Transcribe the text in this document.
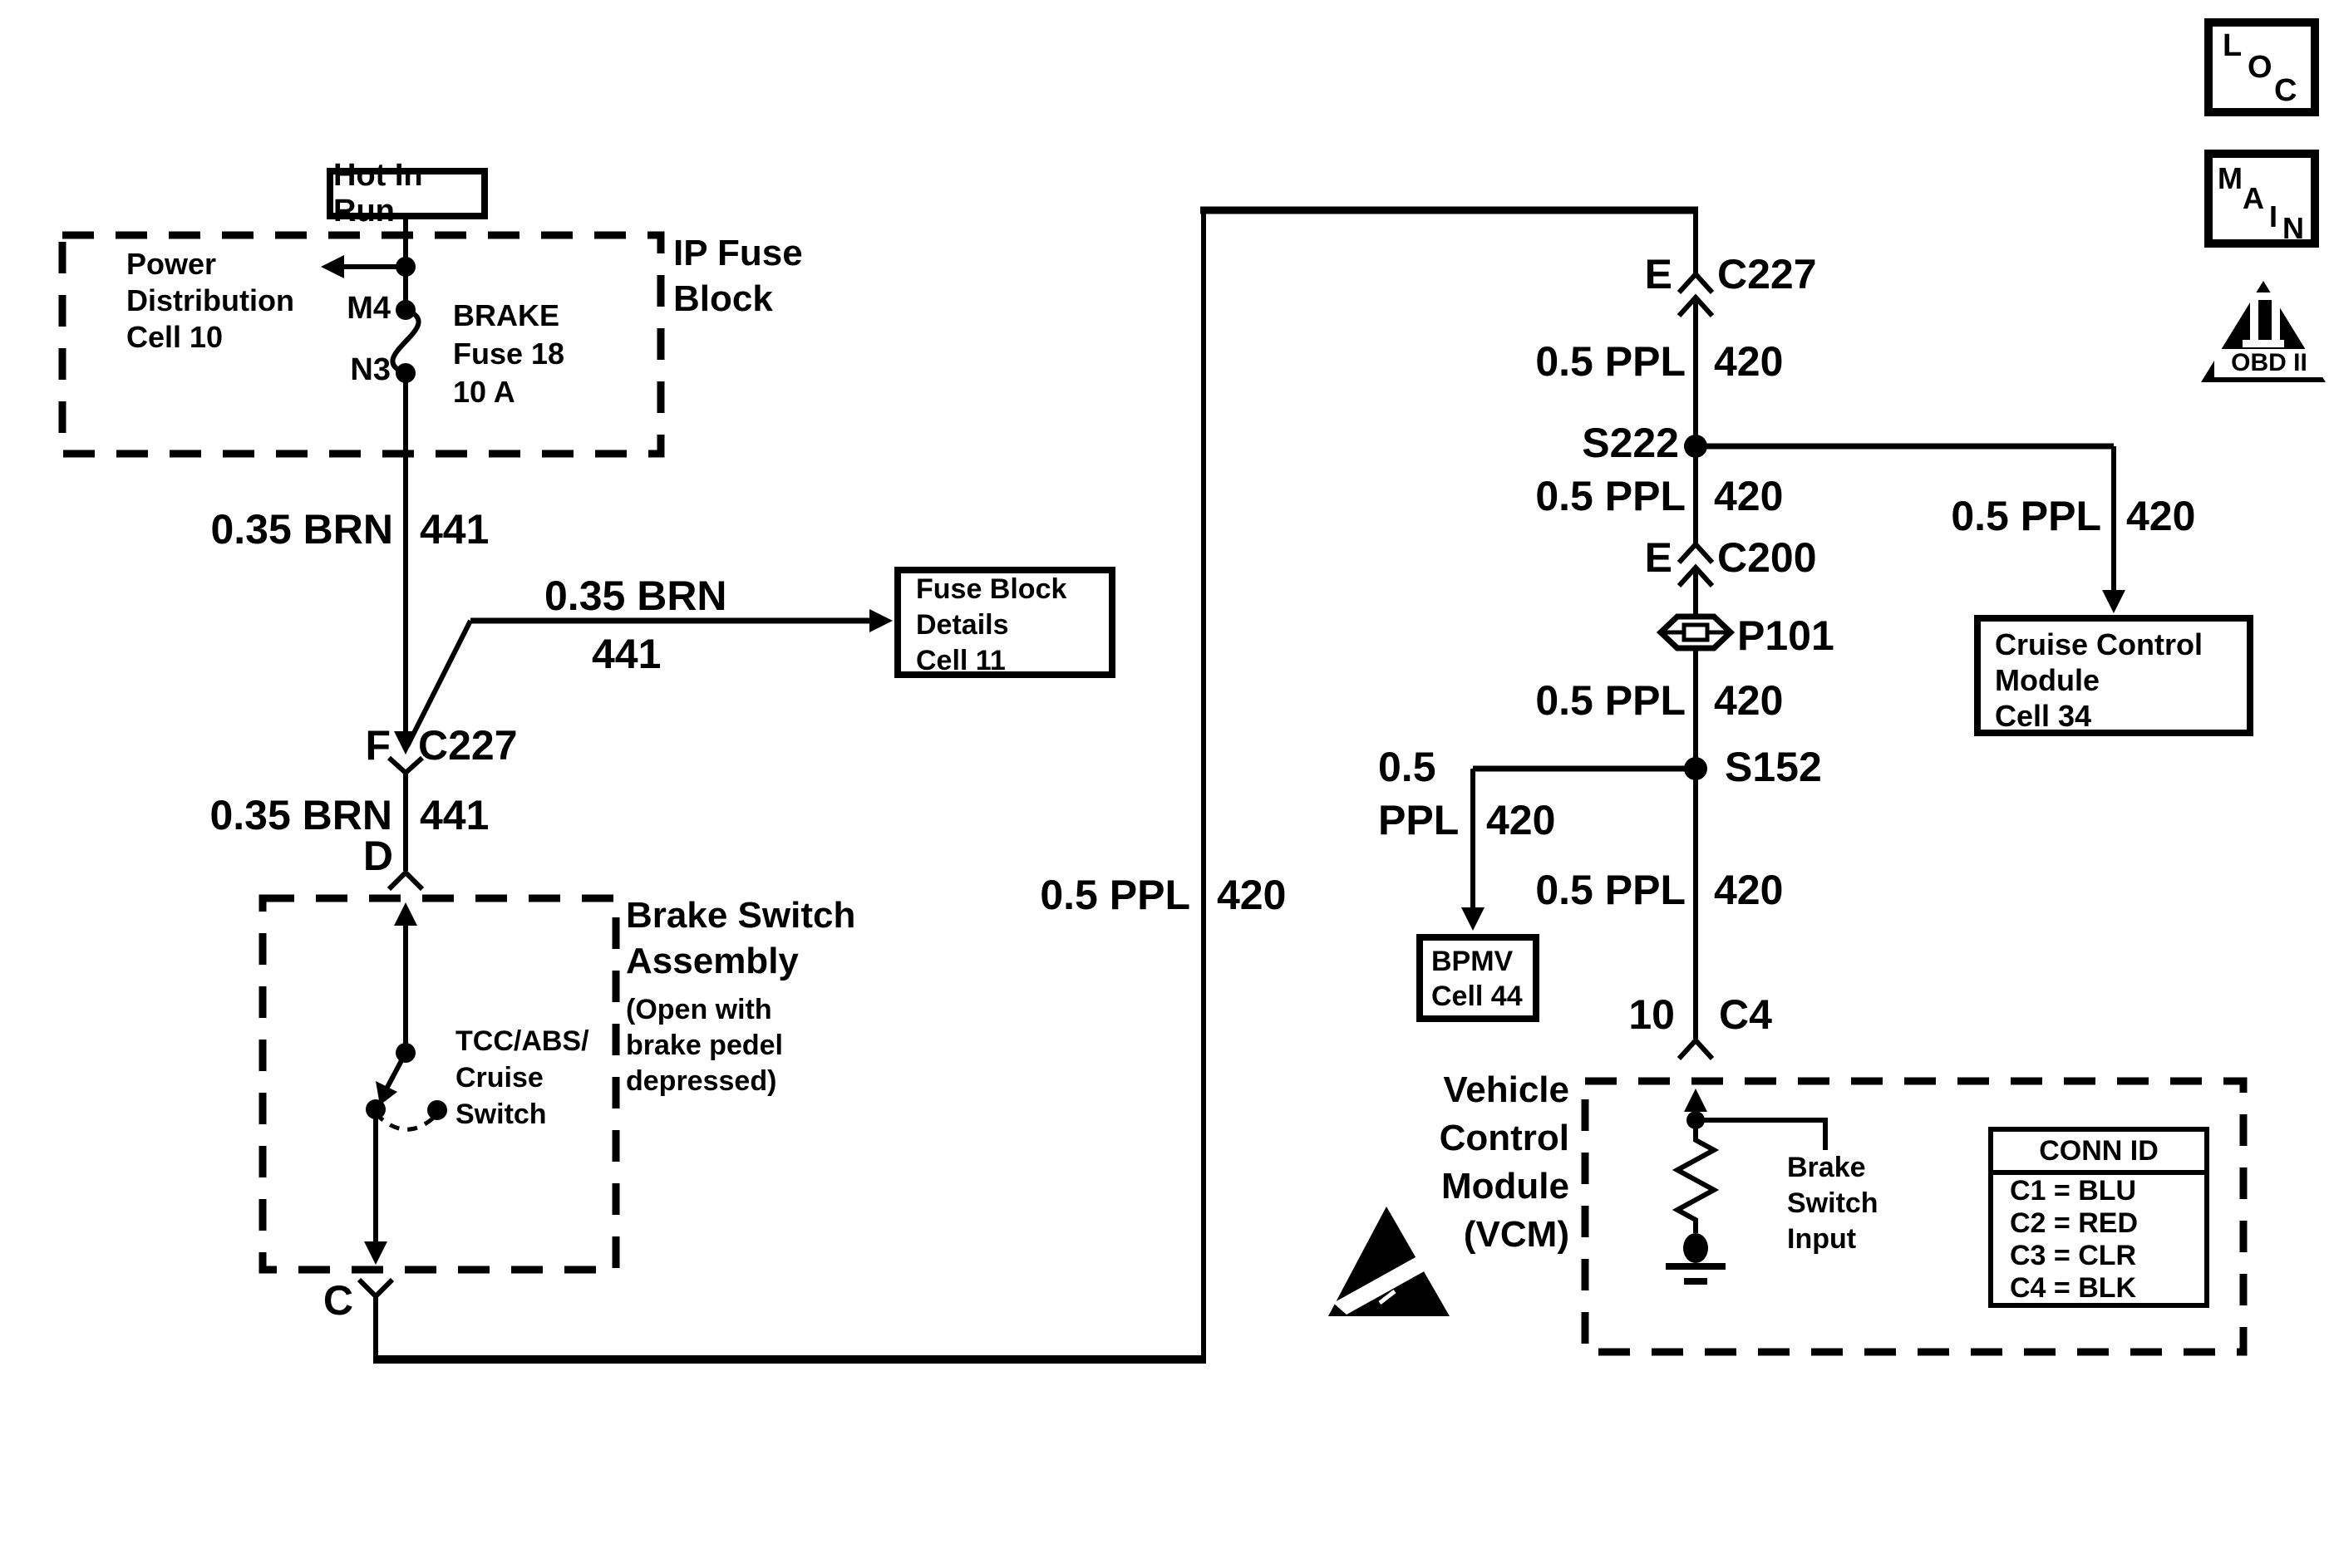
Hot In Run
Fuse Block
Details
Cell 11	Cruise Control
Module
Cell 34
BPMV
Cell 44
IP Fuse
Block
Power
Distribution
Cell 10
M4
N3
BRAKE
Fuse 18
10 A
0.35 BRN 441
0.35 BRN
441
F C227
0.35 BRN 441
D
Brake Switch
Assembly
(Open with
brake pedel
depressed)
TCC/ABS/
Cruise
Switch
C
0.5 PPL 420
E C227
0.5 PPL 420
S222
0.5 PPL 420
E C200
P101
0.5 PPL 420
S152
0.5
PPL 420
0.5 PPL 420
10 C4
0.5 PPL 420
Vehicle
Control
Module
(VCM)
Brake
Switch
Input
CONN ID
C1 = BLU
C2 = RED
C3 = CLR
C4 = BLK
L
O
C
M
A
I N
OBD II
